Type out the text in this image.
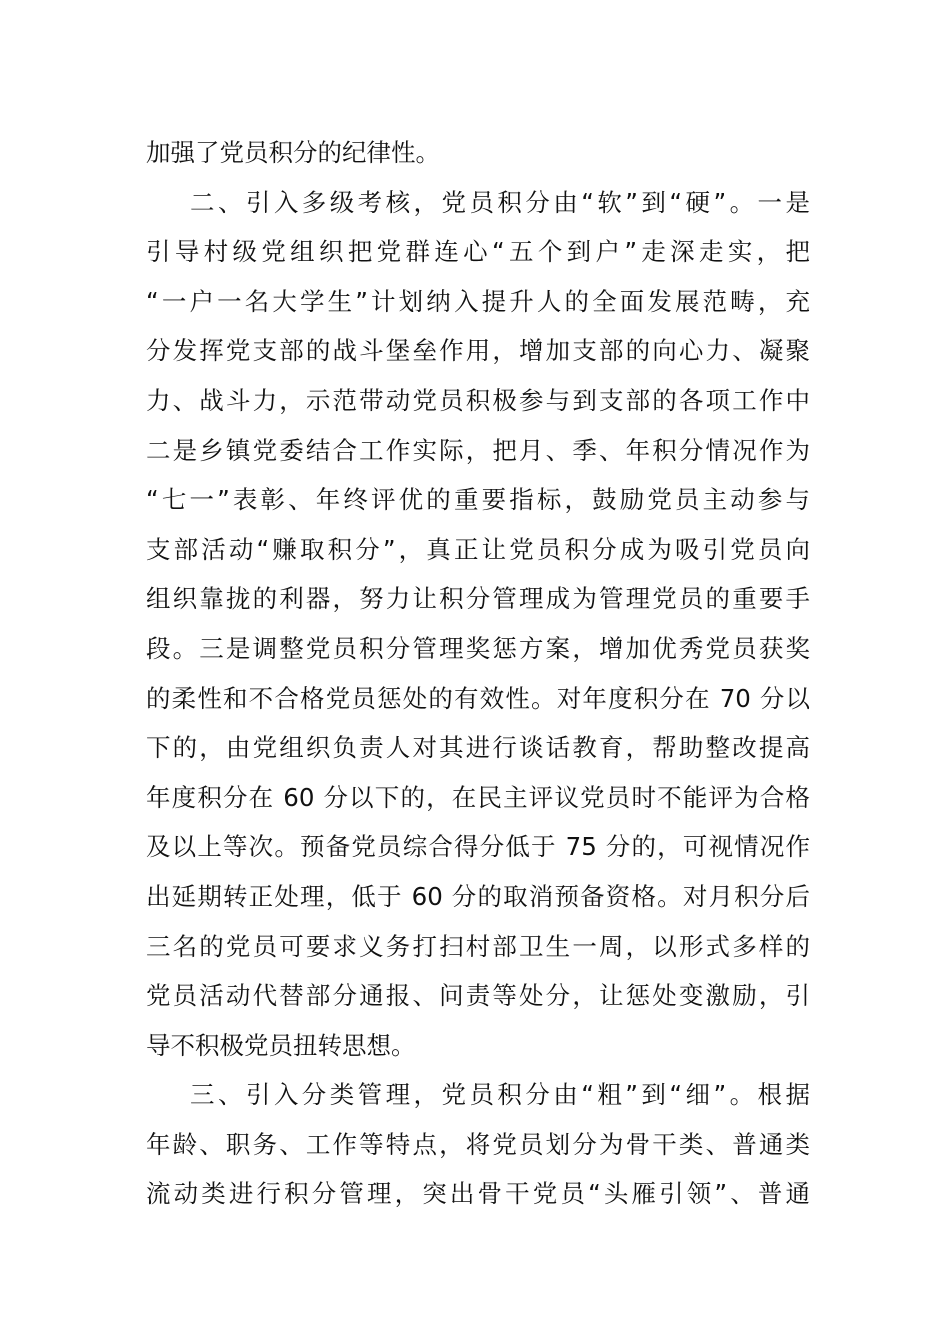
加强了党员积分的纪律性。
二、引入多级考核，党员积分由“软”到“硬”。一是
引导村级党组织把党群连心“五个到户”走深走实，把
“一户一名大学生”计划纳入提升人的全面发展范畴，充
分发挥党支部的战斗堡垒作用，增加支部的向心力、凝聚
力、战斗力，示范带动党员积极参与到支部的各项工作中
二是乡镇党委结合工作实际，把月、季、年积分情况作为
“七一”表彰、年终评优的重要指标，鼓励党员主动参与
支部活动“赚取积分”，真正让党员积分成为吸引党员向
组织靠拢的利器，努力让积分管理成为管理党员的重要手
段。三是调整党员积分管理奖惩方案，增加优秀党员获奖
的柔性和不合格党员惩处的有效性。对年度积分在 70 分以
下的，由党组织负责人对其进行谈话教育，帮助整改提高
年度积分在 60 分以下的，在民主评议党员时不能评为合格
及以上等次。预备党员综合得分低于 75 分的，可视情况作
出延期转正处理，低于 60 分的取消预备资格。对月积分后
三名的党员可要求义务打扫村部卫生一周，以形式多样的
党员活动代替部分通报、问责等处分，让惩处变激励，引
导不积极党员扭转思想。
三、引入分类管理，党员积分由“粗”到“细”。根据
年龄、职务、工作等特点，将党员划分为骨干类、普通类
流动类进行积分管理，突出骨干党员“头雁引领”、普通
